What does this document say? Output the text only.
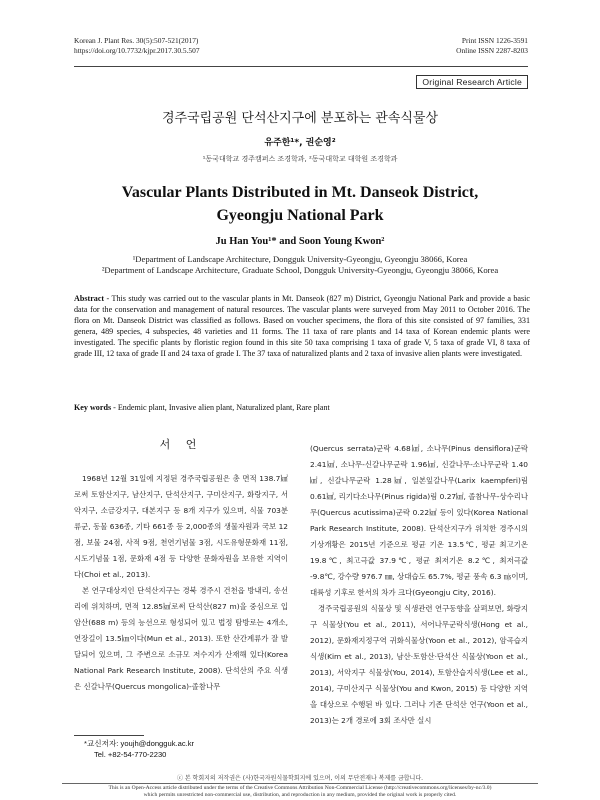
Korean J. Plant Res. 30(5):507-521(2017)
https://doi.org/10.7732/kjpr.2017.30.5.507
Print ISSN 1226-3591
Online ISSN 2287-8203
Original Research Article
경주국립공원 단석산지구에 분포하는 관속식물상
유주한¹*, 권순영²
¹동국대학교 경주캠퍼스 조경학과, ²동국대학교 대학원 조경학과
Vascular Plants Distributed in Mt. Danseok District,
Gyeongju National Park
Ju Han You¹* and Soon Young Kwon²
¹Department of Landscape Architecture, Dongguk University-Gyeongju, Gyeongju 38066, Korea
²Department of Landscape Architecture, Graduate School, Dongguk University-Gyeongju, Gyeongju 38066, Korea
Abstract - This study was carried out to the vascular plants in Mt. Danseok (827 m) District, Gyeongju National Park and provide a basic data for the conservation and management of natural resources. The vascular plants were surveyed from May 2011 to October 2016. The flora on Mt. Danseok District was classified as follows. Based on voucher specimens, the flora of this site consisted of 97 families, 331 genera, 489 species, 4 subspecies, 48 varieties and 11 forms. The 11 taxa of rare plants and 14 taxa of Korean endemic plants were investigated. The specific plants by floristic region found in this site 50 taxa comprising 1 taxa of grade V, 5 taxa of grade VI, 8 taxa of grade III, 12 taxa of grade II and 24 taxa of grade I. The 37 taxa of naturalized plants and 2 taxa of invasive alien plants were investigated.
Key words - Endemic plant, Invasive alien plant, Naturalized plant, Rare plant
서 언

1968년 12월 31일에 지정된 경주국립공원은 총 면적 138.7㎢로써 토함산지구, 남산지구, 단석산지구, 구미산지구, 화랑지구, 서악지구, 소금강지구, 대본지구 등 8개 지구가 있으며, 식물 703분류군, 동물 636종, 기타 661종 등 2,000종의 생물자원과 국보 12점, 보물 24점, 사적 9점, 천연기념물 3점, 시도유형문화재 11점, 시도기념물 1점, 문화재 4점 등 다양한 문화자원을 보유한 지역이다(Choi et al., 2013).

본 연구대상지인 단석산지구는 경북 경주시 건천읍 방내리, 송선리에 위치하며, 면적 12.85㎢로써 단석산(827 m)을 중심으로 입암산(688 m) 등의 능선으로 형성되어 있고 법정 탐방로는 4개소, 연장길이 13.5㎞이다(Mun et al., 2013). 또한 산간계류가 잘 발달되어 있으며, 그 주변으로 소규모 저수지가 산재해 있다(Korea National Park Research Institute, 2008). 단석산의 주요 식생은 신갈나무(Quercus mongolica)-졸참나무

(Quercus serrata)군락 4.68㎢, 소나무(Pinus densiflora)군락 2.41㎢, 소나무-신갈나무군락 1.96㎢, 신갈나무-소나무군락 1.40㎢, 신갈나무군락 1.28㎢, 일본잎갈나무(Larix kaempferi)림 0.61㎢, 리기다소나무(Pinus rigida)림 0.27㎢, 졸참나무-상수리나무(Quercus acutissima)군락 0.22㎢ 등이 있다(Korea National Park Research Institute, 2008). 단석산지구가 위치한 경주시의 기상개황은 2015년 기준으로 평균 기온 13.5℃, 평균 최고기온 19.8℃, 최고극값 37.9℃, 평균 최저기온 8.2℃, 최저극값 -9.8℃, 강수량 976.7 ㎜, 상대습도 65.7%, 평균 풍속 6.3 ㎧이며, 대륙성 기후로 한서의 차가 크다(Gyeongju City, 2016).

경주국립공원의 식물상 및 식생관련 연구동향을 살펴보면, 화랑지구 식물상(You et al., 2011), 서어나무군락식생(Hong et al., 2012), 문화재지정구역 귀화식물상(Yoon et al., 2012), 암곡습지식생(Kim et al., 2013), 남산·토함산·단석산 식물상(Yoon et al., 2013), 서악지구 식물상(You, 2014), 토함산습지식생(Lee et al., 2014), 구미산지구 식물상(You and Kwon, 2015) 등 다양한 지역을 대상으로 수행된 바 있다. 그러나 기존 단석산 연구(Yoon et al., 2013)는 2개 경로에 3회 조사만 실시

*교신저자: youjh@dongguk.ac.kr
Tel. +82-54-770-2230
ⓒ 본 학회지의 저작권은 (사)한국자원식물학회지에 있으며, 이의 무단전재나 복제를 금합니다.
This is an Open-Access article distributed under the terms of the Creative Commons Attribution Non-Commercial License (http://creativecommons.org/licenses/by-nc/3.0)
which permits unrestricted non-commercial use, distribution, and reproduction in any medium, provided the original work is properly cited.
